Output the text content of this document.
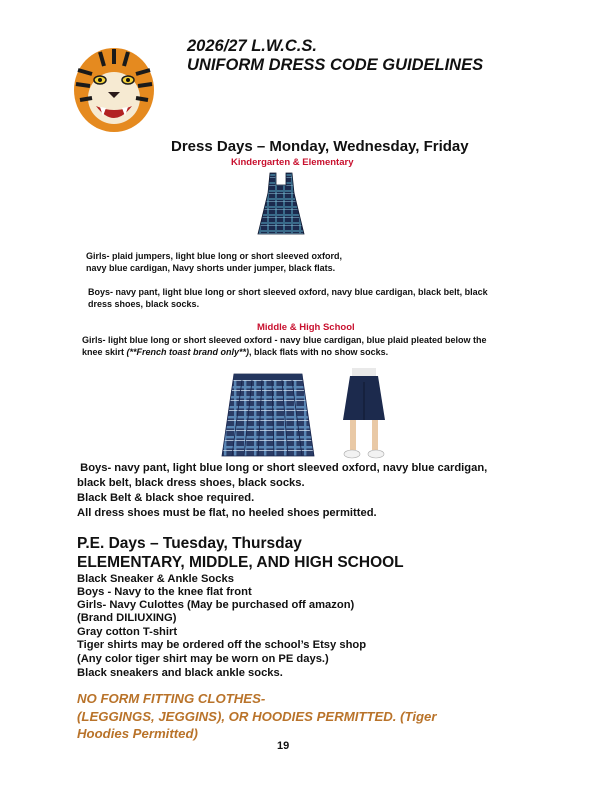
2026/27 L.W.C.S.
UNIFORM DRESS CODE GUIDELINES
Dress Days – Monday, Wednesday, Friday
Kindergarten & Elementary
Girls- plaid jumpers, light blue long or short sleeved oxford,
navy blue cardigan, Navy shorts under jumper, black flats.
Boys- navy pant, light blue long or short sleeved oxford, navy blue cardigan, black belt, black
dress shoes, black socks.
Middle & High School
Girls- light blue long or short sleeved oxford - navy blue cardigan, blue plaid pleated below the
knee skirt (**French toast brand only**), black flats with no show socks.
Boys- navy pant, light blue long or short sleeved oxford, navy blue cardigan,
black belt, black dress shoes, black socks.
Black Belt & black shoe required.
All dress shoes must be flat, no heeled shoes permitted.
P.E. Days – Tuesday, Thursday
ELEMENTARY, MIDDLE, AND HIGH SCHOOL
Black Sneaker & Ankle Socks
Boys - Navy to the knee flat front
Girls- Navy Culottes (May be purchased off amazon)
(Brand DILIUXING)
Gray cotton T-shirt
Tiger shirts may be ordered off the school’s Etsy shop
(Any color tiger shirt may be worn on PE days.)
Black sneakers and black ankle socks.
NO FORM FITTING CLOTHES-
(LEGGINGS, JEGGINS), OR HOODIES PERMITTED. (Tiger
Hoodies Permitted)
19
